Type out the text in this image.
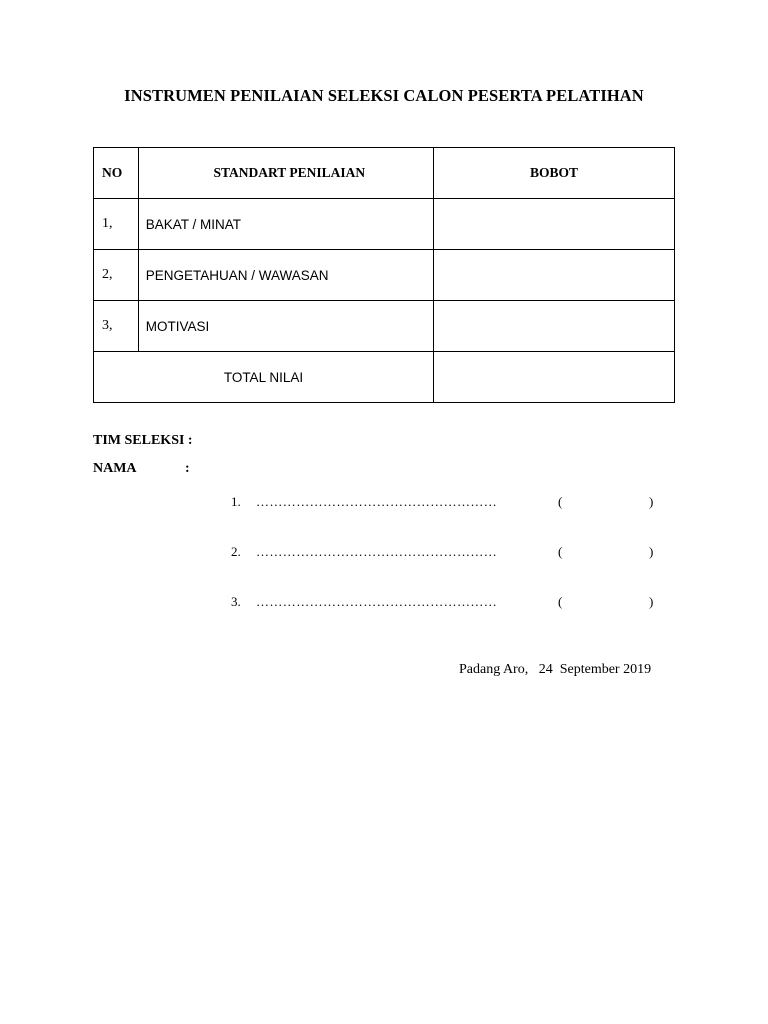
INSTRUMEN PENILAIAN SELEKSI CALON PESERTA PELATIHAN
NO	STANDART PENILAIAN	BOBOT
1,	BAKAT / MINAT	
2,	PENGETAHUAN / WAWASAN	
3,	MOTIVASI	
TOTAL NILAI		
TIM SELEKSI :
NAMA	:
1. ………………………………………………	(	)
2. ………………………………………………	(	)
3. ………………………………………………	(	)
Padang Aro,   24  September 2019
